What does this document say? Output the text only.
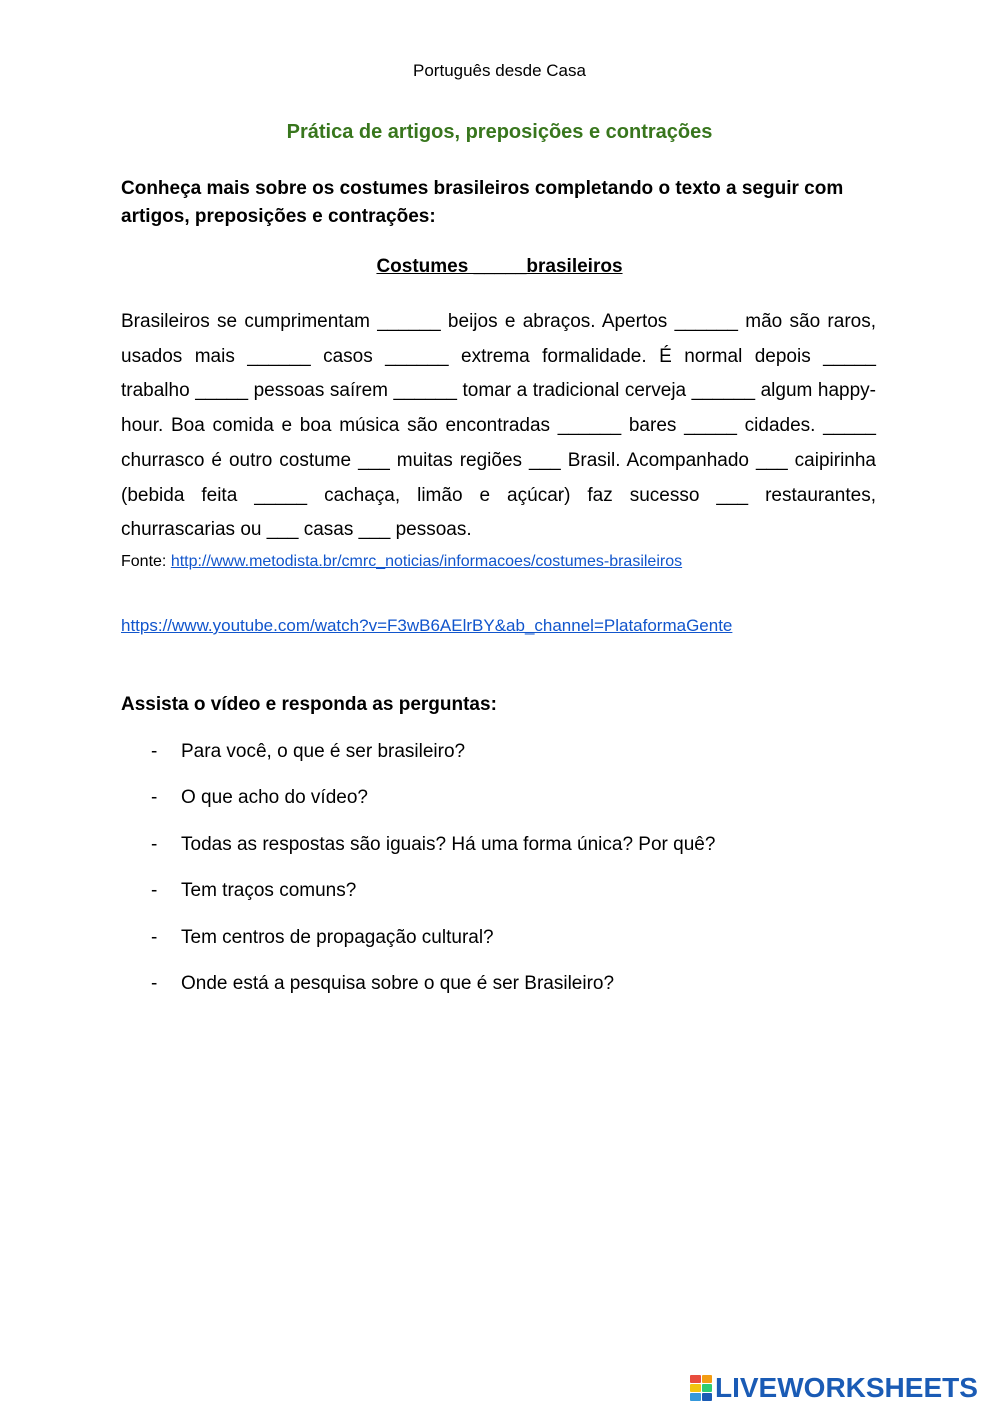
Português desde Casa
Prática de artigos, preposições e contrações
Conheça mais sobre os costumes brasileiros completando o texto a seguir com artigos, preposições e contrações:
Costumes _____brasileiros
Brasileiros se cumprimentam ______ beijos e abraços. Apertos ______ mão são raros, usados mais ______ casos ______ extrema formalidade. É normal depois _____ trabalho _____ pessoas saírem ______ tomar a tradicional cerveja ______ algum happy-hour. Boa comida e boa música são encontradas ______ bares _____ cidades. _____ churrasco é outro costume ___ muitas regiões ___ Brasil. Acompanhado ___ caipirinha (bebida feita _____ cachaça, limão e açúcar) faz sucesso ___ restaurantes, churrascarias ou ___ casas ___ pessoas.
Fonte: http://www.metodista.br/cmrc_noticias/informacoes/costumes-brasileiros
https://www.youtube.com/watch?v=F3wB6AElrBY&ab_channel=PlataformaGente
Assista o vídeo e responda as perguntas:
- Para você, o que é ser brasileiro?
- O que acho do vídeo?
- Todas as respostas são iguais? Há uma forma única? Por quê?
- Tem traços comuns?
- Tem centros de propagação cultural?
- Onde está a pesquisa sobre o que é ser Brasileiro?
LIVEWORKSHEETS
